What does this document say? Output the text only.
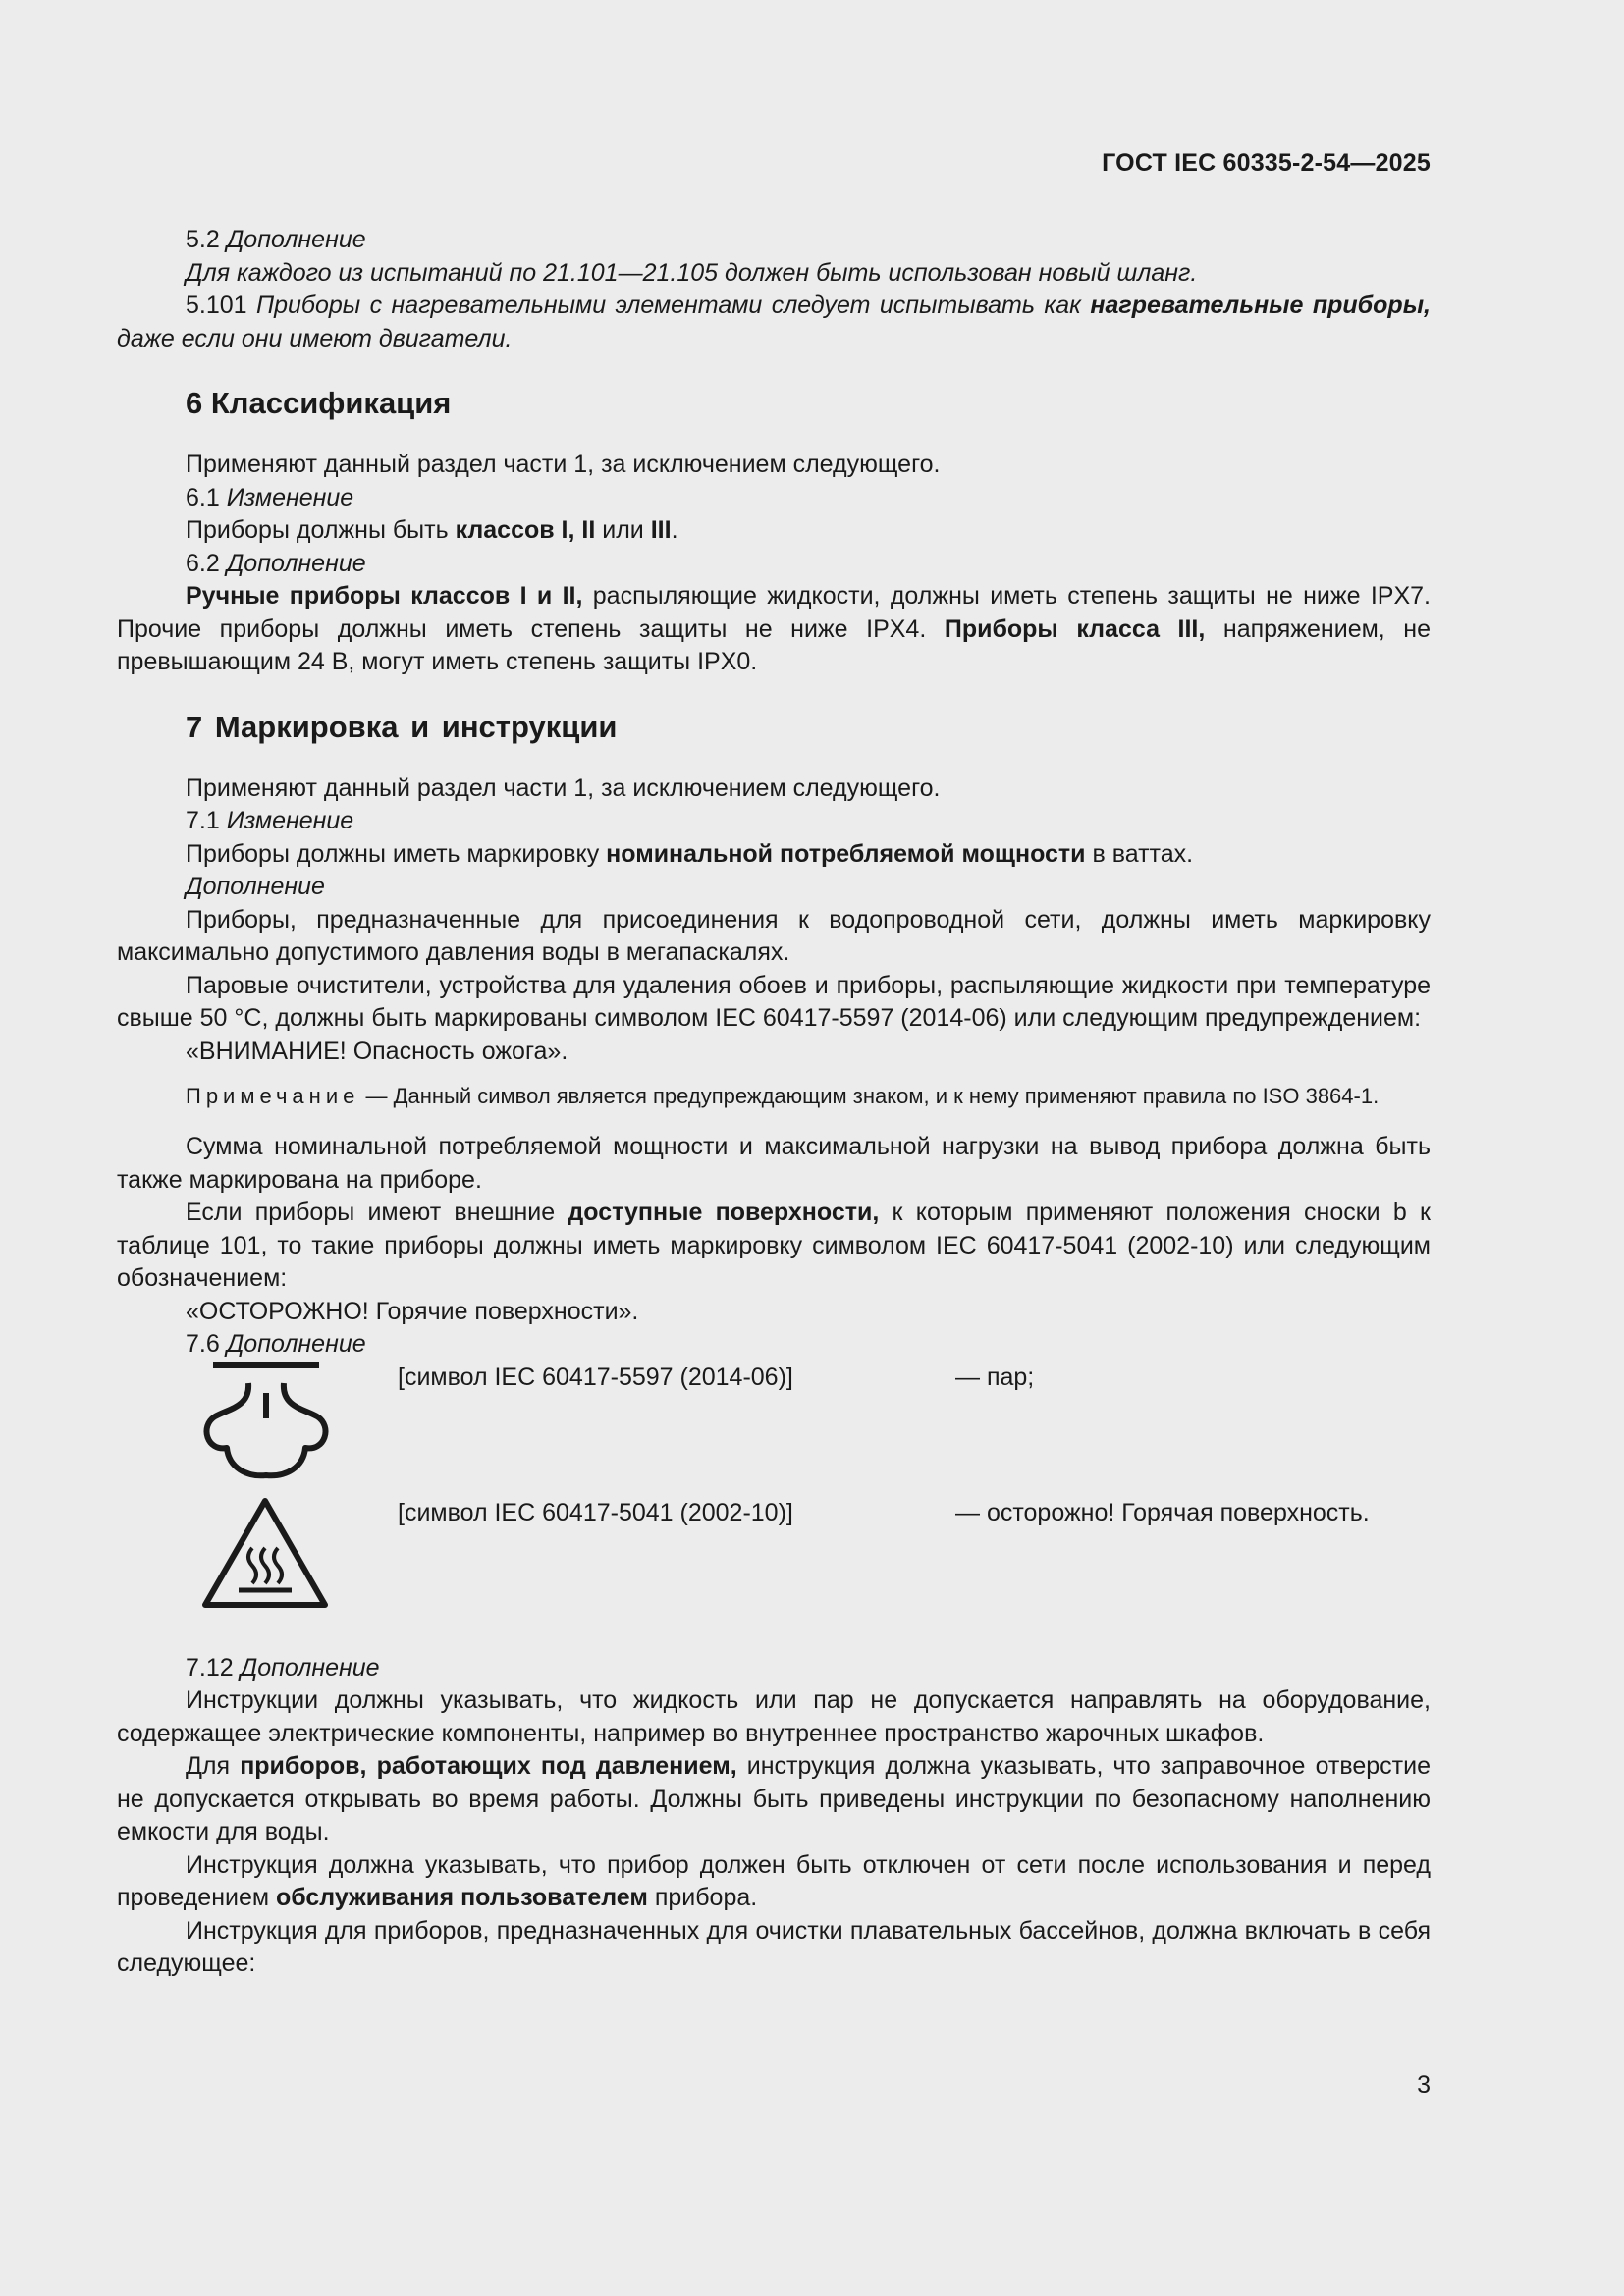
ГОСТ IEC 60335-2-54—2025

5.2 Дополнение

Для каждого из испытаний по 21.101—21.105 должен быть использован новый шланг.

5.101 Приборы с нагревательными элементами следует испытывать как нагревательные приборы, даже если они имеют двигатели.

6 Классификация

Применяют данный раздел части 1, за исключением следующего.

6.1 Изменение

Приборы должны быть классов I, II или III.

6.2 Дополнение

Ручные приборы классов I и II, распыляющие жидкости, должны иметь степень защиты не ниже IPX7. Прочие приборы должны иметь степень защиты не ниже IPX4. Приборы класса III, напряжением, не превышающим 24 В, могут иметь степень защиты IPX0.

7 Маркировка и инструкции

Применяют данный раздел части 1, за исключением следующего.

7.1 Изменение

Приборы должны иметь маркировку номинальной потребляемой мощности в ваттах.

Дополнение

Приборы, предназначенные для присоединения к водопроводной сети, должны иметь маркировку максимально допустимого давления воды в мегапаскалях.

Паровые очистители, устройства для удаления обоев и приборы, распыляющие жидкости при температуре свыше 50 °С, должны быть маркированы символом IEC 60417-5597 (2014-06) или следующим предупреждением:

«ВНИМАНИЕ! Опасность ожога».

Примечание — Данный символ является предупреждающим знаком, и к нему применяют правила по ISO 3864-1.

Сумма номинальной потребляемой мощности и максимальной нагрузки на вывод прибора должна быть также маркирована на приборе.

Если приборы имеют внешние доступные поверхности, к которым применяют положения сноски b к таблице 101, то такие приборы должны иметь маркировку символом IEC 60417-5041 (2002-10) или следующим обозначением:

«ОСТОРОЖНО! Горячие поверхности».

7.6 Дополнение

[символ IEC 60417-5597 (2014-06)]	— пар;
[символ IEC 60417-5041 (2002-10)]	— осторожно! Горячая поверхность.

7.12 Дополнение

Инструкции должны указывать, что жидкость или пар не допускается направлять на оборудование, содержащее электрические компоненты, например во внутреннее пространство жарочных шкафов.

Для приборов, работающих под давлением, инструкция должна указывать, что заправочное отверстие не допускается открывать во время работы. Должны быть приведены инструкции по безопасному наполнению емкости для воды.

Инструкция должна указывать, что прибор должен быть отключен от сети после использования и перед проведением обслуживания пользователем прибора.

Инструкция для приборов, предназначенных для очистки плавательных бассейнов, должна включать в себя следующее:

3
